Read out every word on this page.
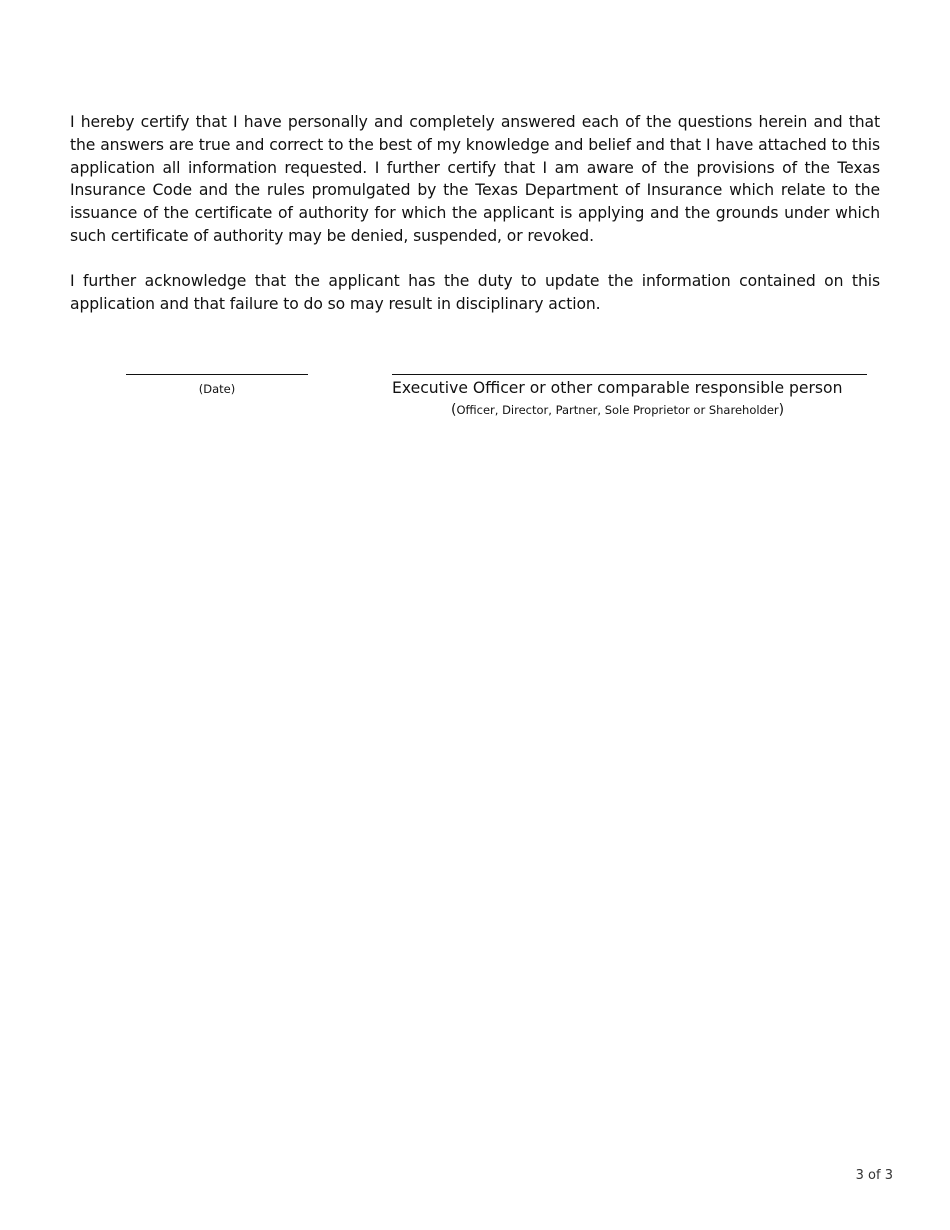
I hereby certify that I have personally and completely answered each of the questions herein and that the answers are true and correct to the best of my knowledge and belief and that I have attached to this application all information requested. I further certify that I am aware of the provisions of the Texas Insurance Code and the rules promulgated by the Texas Department of Insurance which relate to the issuance of the certificate of authority for which the applicant is applying and the grounds under which such certificate of authority may be denied, suspended, or revoked.

I further acknowledge that the applicant has the duty to update the information contained on this application and that failure to do so may result in disciplinary action.

(Date)	Executive Officer or other comparable responsible person
(Officer, Director, Partner, Sole Proprietor or Shareholder)
3 of 3
